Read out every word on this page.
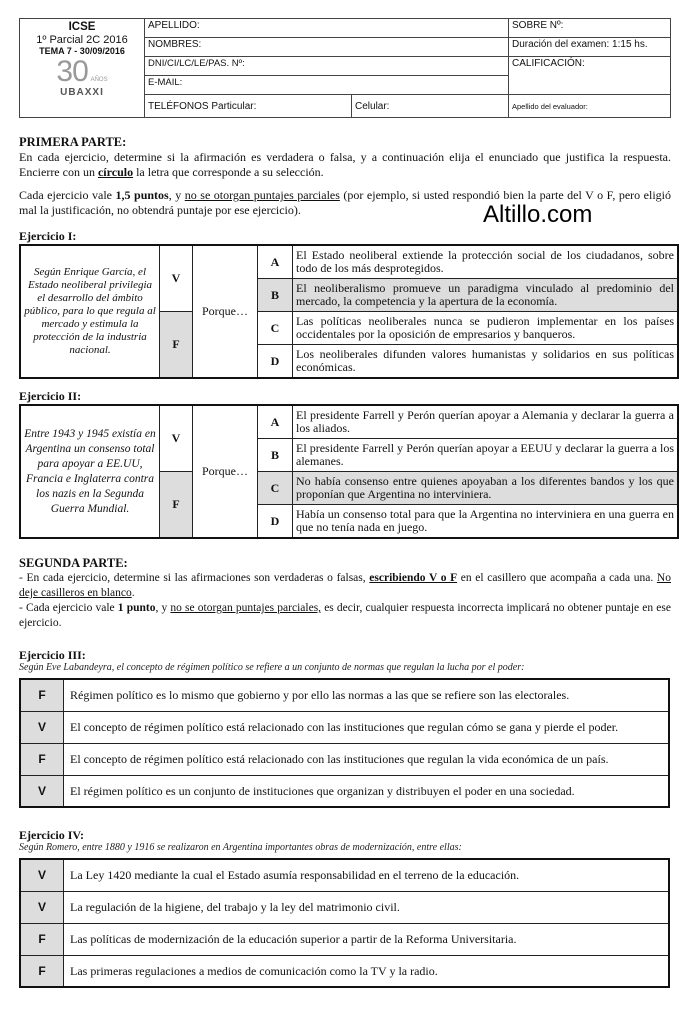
ICSE
1º Parcial 2C 2016
TEMA 7 - 30/09/2016
30 AÑOS
UBAXXI	APELLIDO:		SOBRE Nº:
	NOMBRES:		Duración del examen: 1:15 hs.
	DNI/CI/LC/LE/PAS. Nº:		CALIFICACIÓN:
	E-MAIL:		
	TELÉFONOS Particular:	Celular:	Apellido del evaluador:
PRIMERA PARTE:
En cada ejercicio, determine si la afirmación es verdadera o falsa, y a continuación elija el enunciado que justifica la respuesta. Encierre con un círculo la letra que corresponde a su selección.
Cada ejercicio vale 1,5 puntos, y no se otorgan puntajes parciales (por ejemplo, si usted respondió bien la parte del V o F, pero eligió mal la justificación, no obtendrá puntaje por ese ejercicio).	Altillo.com
Ejercicio I:
Según Enrique García, el Estado neoliberal privilegia el desarrollo del ámbito público, para lo que regula al mercado y estimula la protección de la industria nacional.	V	Porque…	A	El Estado neoliberal extiende la protección social de los ciudadanos, sobre todo de los más desprotegidos.
			B	El neoliberalismo promueve un paradigma vinculado al predominio del mercado, la competencia y la apertura de la economía.
	F		C	Las políticas neoliberales nunca se pudieron implementar en los países occidentales por la oposición de empresarios y banqueros.
			D	Los neoliberales difunden valores humanistas y solidarios en sus políticas económicas.
Ejercicio II:
Entre 1943 y 1945 existía en Argentina un consenso total para apoyar a EE.UU, Francia e Inglaterra contra los nazis en la Segunda Guerra Mundial.	V	Porque…	A	El presidente Farrell y Perón querían apoyar a Alemania y declarar la guerra a los aliados.
			B	El presidente Farrell y Perón querían apoyar a EEUU y declarar la guerra a los alemanes.
	F		C	No había consenso entre quienes apoyaban a los diferentes bandos y los que proponían que Argentina no interviniera.
			D	Había un consenso total para que la Argentina no interviniera en una guerra en que no tenía nada en juego.
SEGUNDA PARTE:
- En cada ejercicio, determine si las afirmaciones son verdaderas o falsas, escribiendo V o F en el casillero que acompaña a cada una. No deje casilleros en blanco.
- Cada ejercicio vale 1 punto, y no se otorgan puntajes parciales, es decir, cualquier respuesta incorrecta implicará no obtener puntaje en ese ejercicio.
Ejercicio III:
Según Eve Labandeyra, el concepto de régimen político se refiere a un conjunto de normas que regulan la lucha por el poder:
F	Régimen político es lo mismo que gobierno y por ello las normas a las que se refiere son las electorales.
V	El concepto de régimen político está relacionado con las instituciones que regulan cómo se gana y pierde el poder.
F	El concepto de régimen político está relacionado con las instituciones que regulan la vida económica de un país.
V	El régimen político es un conjunto de instituciones que organizan y distribuyen el poder en una sociedad.
Ejercicio IV:
Según Romero, entre 1880 y 1916 se realizaron en Argentina importantes obras de modernización, entre ellas:
V	La Ley 1420 mediante la cual el Estado asumía responsabilidad en el terreno de la educación.
V	La regulación de la higiene, del trabajo y la ley del matrimonio civil.
F	Las políticas de modernización de la educación superior a partir de la Reforma Universitaria.
F	Las primeras regulaciones a medios de comunicación como la TV y la radio.
